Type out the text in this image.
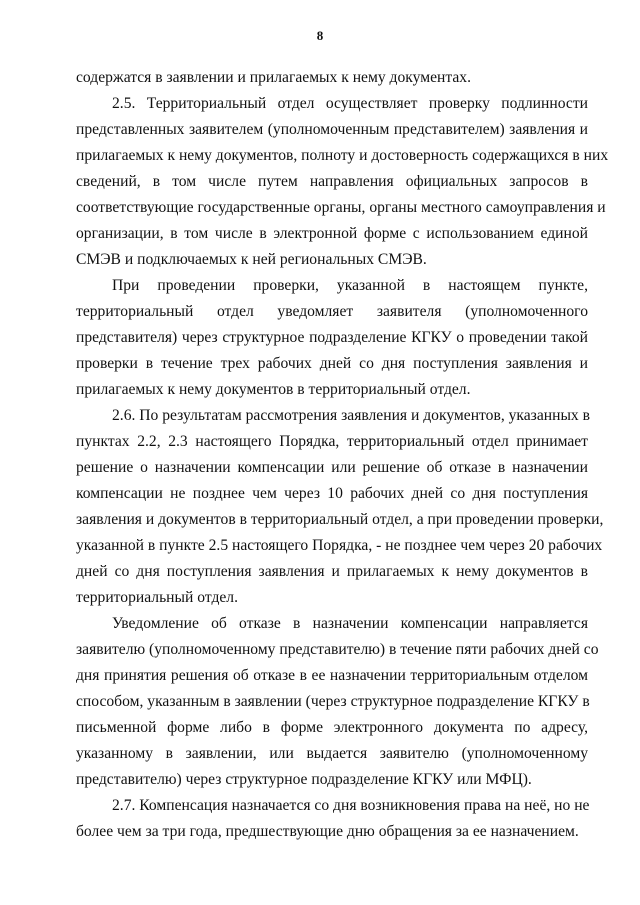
8
содержатся в заявлении и прилагаемых к нему документах.
2.5. Территориальный отдел осуществляет проверку подлинности
представленных заявителем (уполномоченным представителем) заявления и
прилагаемых к нему документов, полноту и достоверность содержащихся в них
сведений, в том числе путем направления официальных запросов в
соответствующие государственные органы, органы местного самоуправления и
организации, в том числе в электронной форме с использованием единой
СМЭВ и подключаемых к ней региональных СМЭВ.
При проведении проверки, указанной в настоящем пункте,
территориальный отдел уведомляет заявителя (уполномоченного
представителя) через структурное подразделение КГКУ о проведении такой
проверки в течение трех рабочих дней со дня поступления заявления и
прилагаемых к нему документов в территориальный отдел.
2.6. По результатам рассмотрения заявления и документов, указанных в
пунктах 2.2, 2.3 настоящего Порядка, территориальный отдел принимает
решение о назначении компенсации или решение об отказе в назначении
компенсации не позднее чем через 10 рабочих дней со дня поступления
заявления и документов в территориальный отдел, а при проведении проверки,
указанной в пункте 2.5 настоящего Порядка, - не позднее чем через 20 рабочих
дней со дня поступления заявления и прилагаемых к нему документов в
территориальный отдел.
Уведомление об отказе в назначении компенсации направляется
заявителю (уполномоченному представителю) в течение пяти рабочих дней со
дня принятия решения об отказе в ее назначении территориальным отделом
способом, указанным в заявлении (через структурное подразделение КГКУ в
письменной форме либо в форме электронного документа по адресу,
указанному в заявлении, или выдается заявителю (уполномоченному
представителю) через структурное подразделение КГКУ или МФЦ).
2.7. Компенсация назначается со дня возникновения права на неё, но не
более чем за три года, предшествующие дню обращения за ее назначением.
